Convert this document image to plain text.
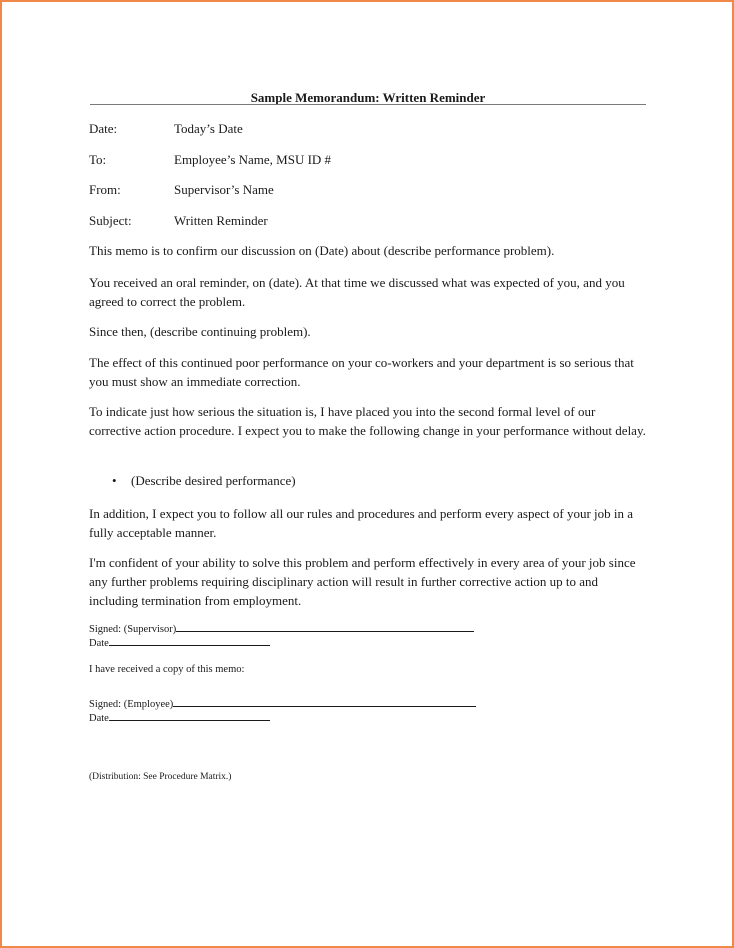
Sample Memorandum: Written Reminder
Date:	Today’s Date
To:	Employee’s Name, MSU ID #
From:	Supervisor’s Name
Subject:	Written Reminder
This memo is to confirm our discussion on (Date) about (describe performance problem).
You received an oral reminder, on (date). At that time we discussed what was expected of you, and you agreed to correct the problem.
Since then, (describe continuing problem).
The effect of this continued poor performance on your co-workers and your department is so serious that you must show an immediate correction.
To indicate just how serious the situation is, I have placed you into the second formal level of our corrective action procedure. I expect you to make the following change in your performance without delay.
• (Describe desired performance)
In addition, I expect you to follow all our rules and procedures and perform every aspect of your job in a fully acceptable manner.
I'm confident of your ability to solve this problem and perform effectively in every area of your job since any further problems requiring disciplinary action will result in further corrective action up to and including termination from employment.
Signed: (Supervisor)
Date
I have received a copy of this memo:
Signed: (Employee)
Date
(Distribution: See Procedure Matrix.)
